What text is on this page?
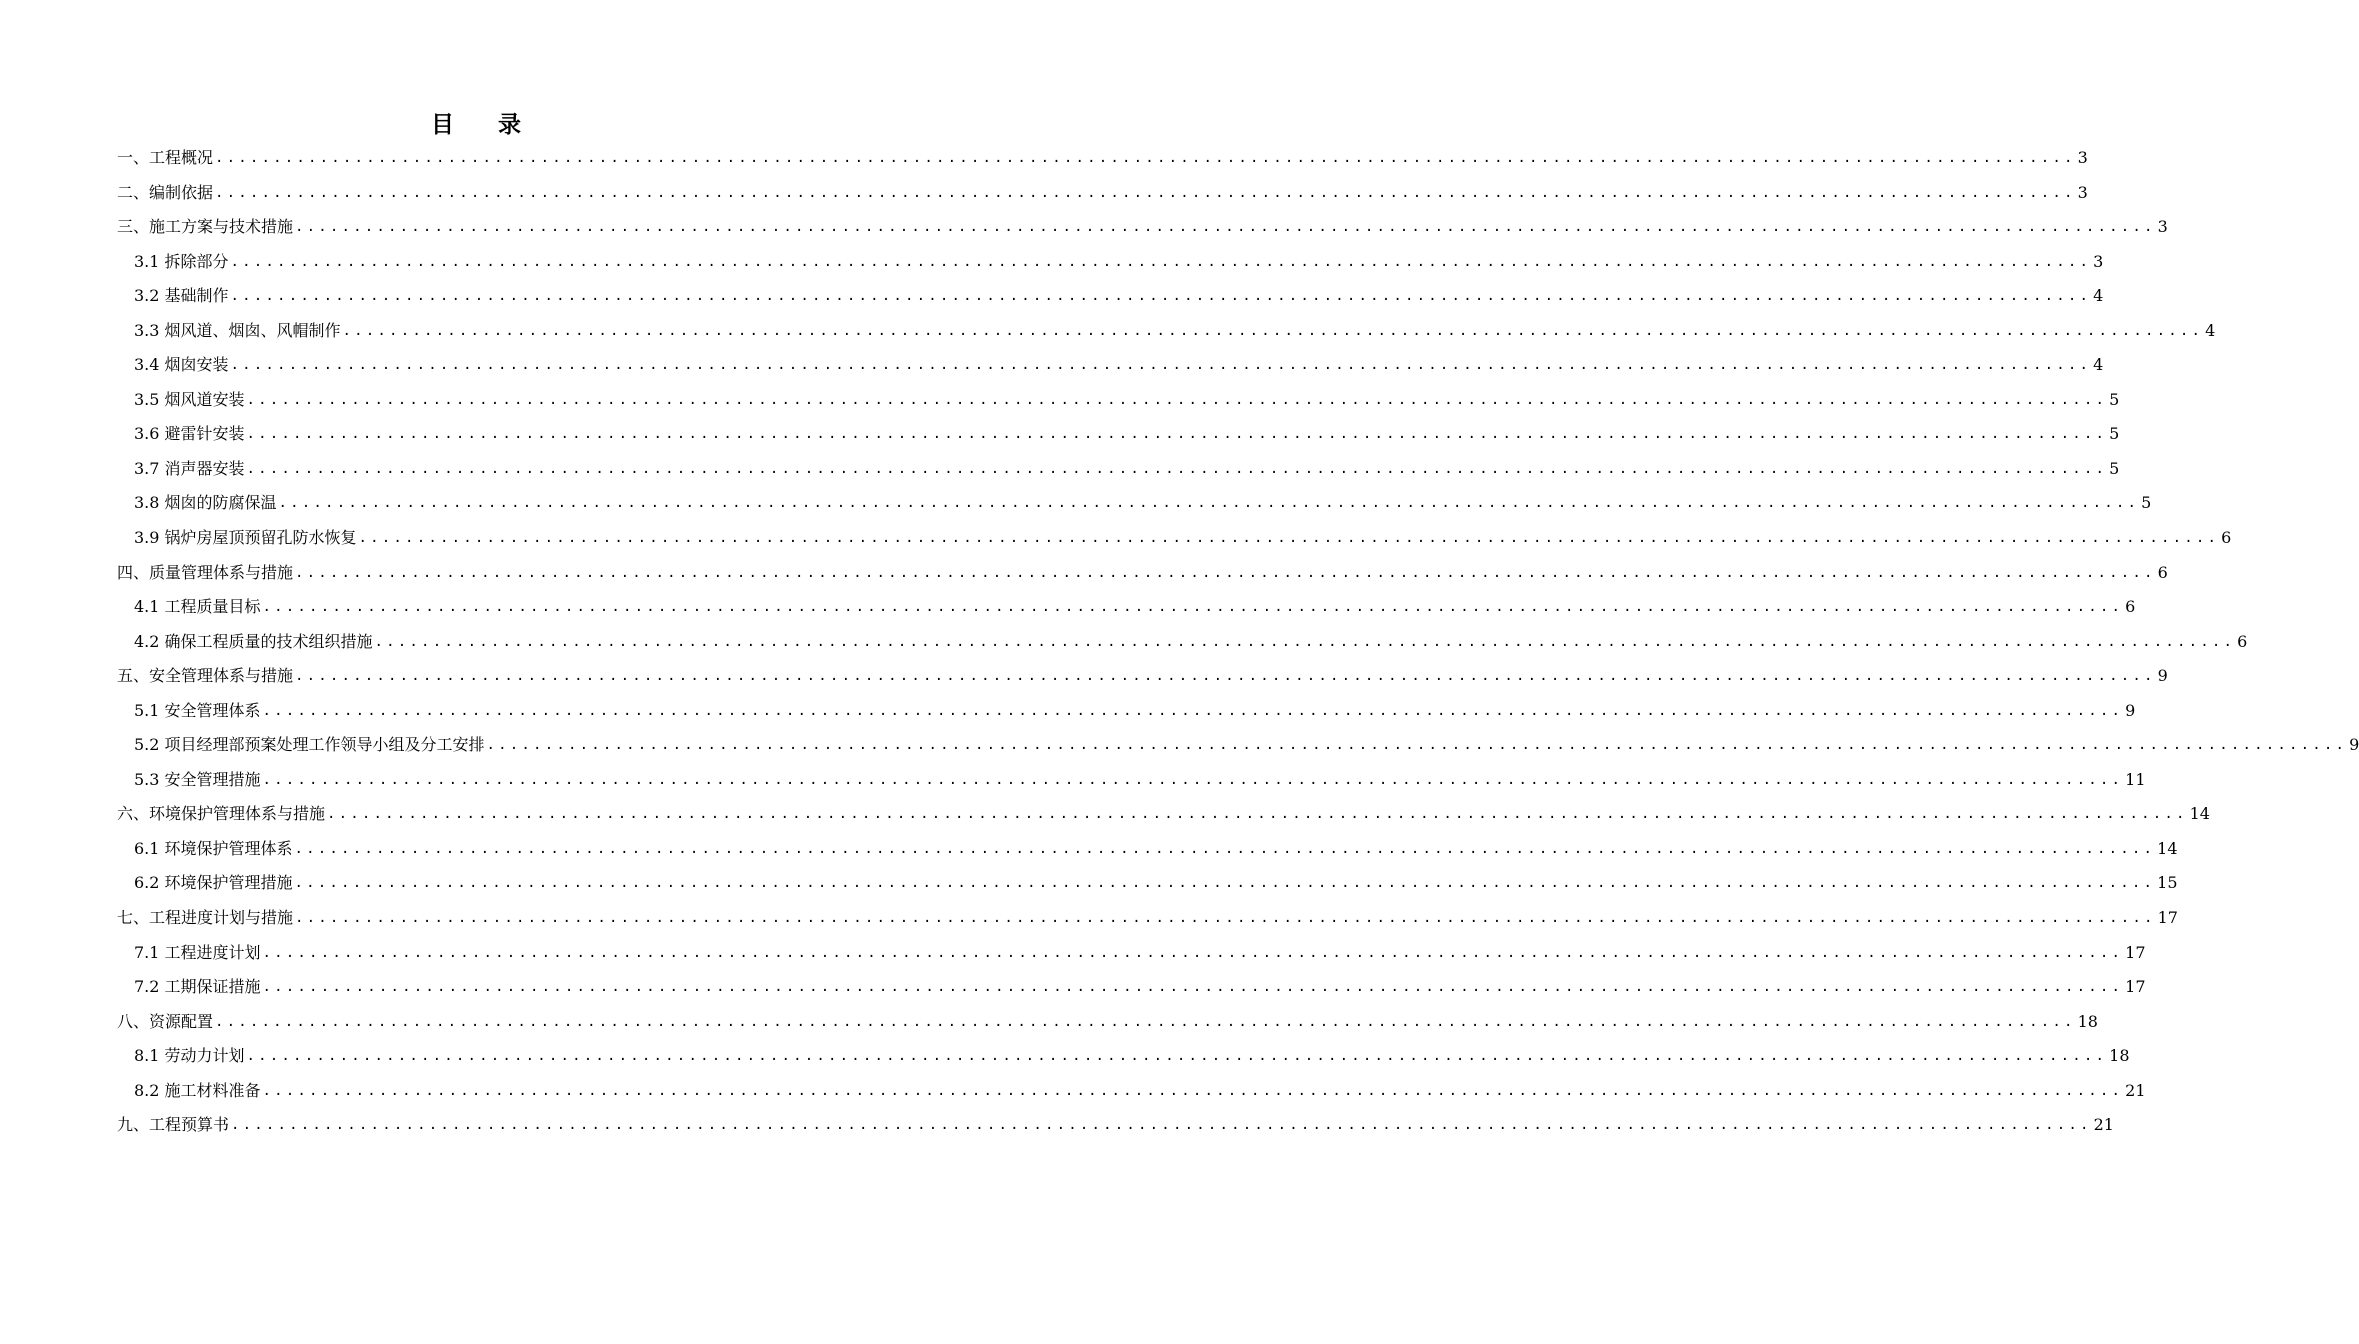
目 录
一、工程概况 ................................................................................................................................................................ 3
二、编制依据 ................................................................................................................................................................ 3
三、施工方案与技术措施 ................................................................................................................................................................ 3
3.1 拆除部分 ................................................................................................................................................................ 3
3.2 基础制作 ................................................................................................................................................................ 4
3.3 烟风道、烟囱、风帽制作 ................................................................................................................................................................ 4
3.4 烟囱安装 ................................................................................................................................................................ 4
3.5 烟风道安装 ................................................................................................................................................................ 5
3.6 避雷针安装 ................................................................................................................................................................ 5
3.7 消声器安装 ................................................................................................................................................................ 5
3.8 烟囱的防腐保温 ................................................................................................................................................................ 5
3.9 锅炉房屋顶预留孔防水恢复 ................................................................................................................................................................ 6
四、质量管理体系与措施 ................................................................................................................................................................ 6
4.1 工程质量目标 ................................................................................................................................................................ 6
4.2 确保工程质量的技术组织措施 ................................................................................................................................................................ 6
五、安全管理体系与措施 ................................................................................................................................................................ 9
5.1 安全管理体系 ................................................................................................................................................................ 9
5.2 项目经理部预案处理工作领导小组及分工安排 ................................................................................................................................................................ 9
5.3 安全管理措施 ................................................................................................................................................................ 11
六、环境保护管理体系与措施 ................................................................................................................................................................ 14
6.1 环境保护管理体系 ................................................................................................................................................................ 14
6.2 环境保护管理措施 ................................................................................................................................................................ 15
七、工程进度计划与措施 ................................................................................................................................................................ 17
7.1 工程进度计划 ................................................................................................................................................................ 17
7.2 工期保证措施 ................................................................................................................................................................ 17
八、资源配置 ................................................................................................................................................................ 18
8.1 劳动力计划 ................................................................................................................................................................ 18
8.2 施工材料准备 ................................................................................................................................................................ 21
九、工程预算书 ................................................................................................................................................................ 21
